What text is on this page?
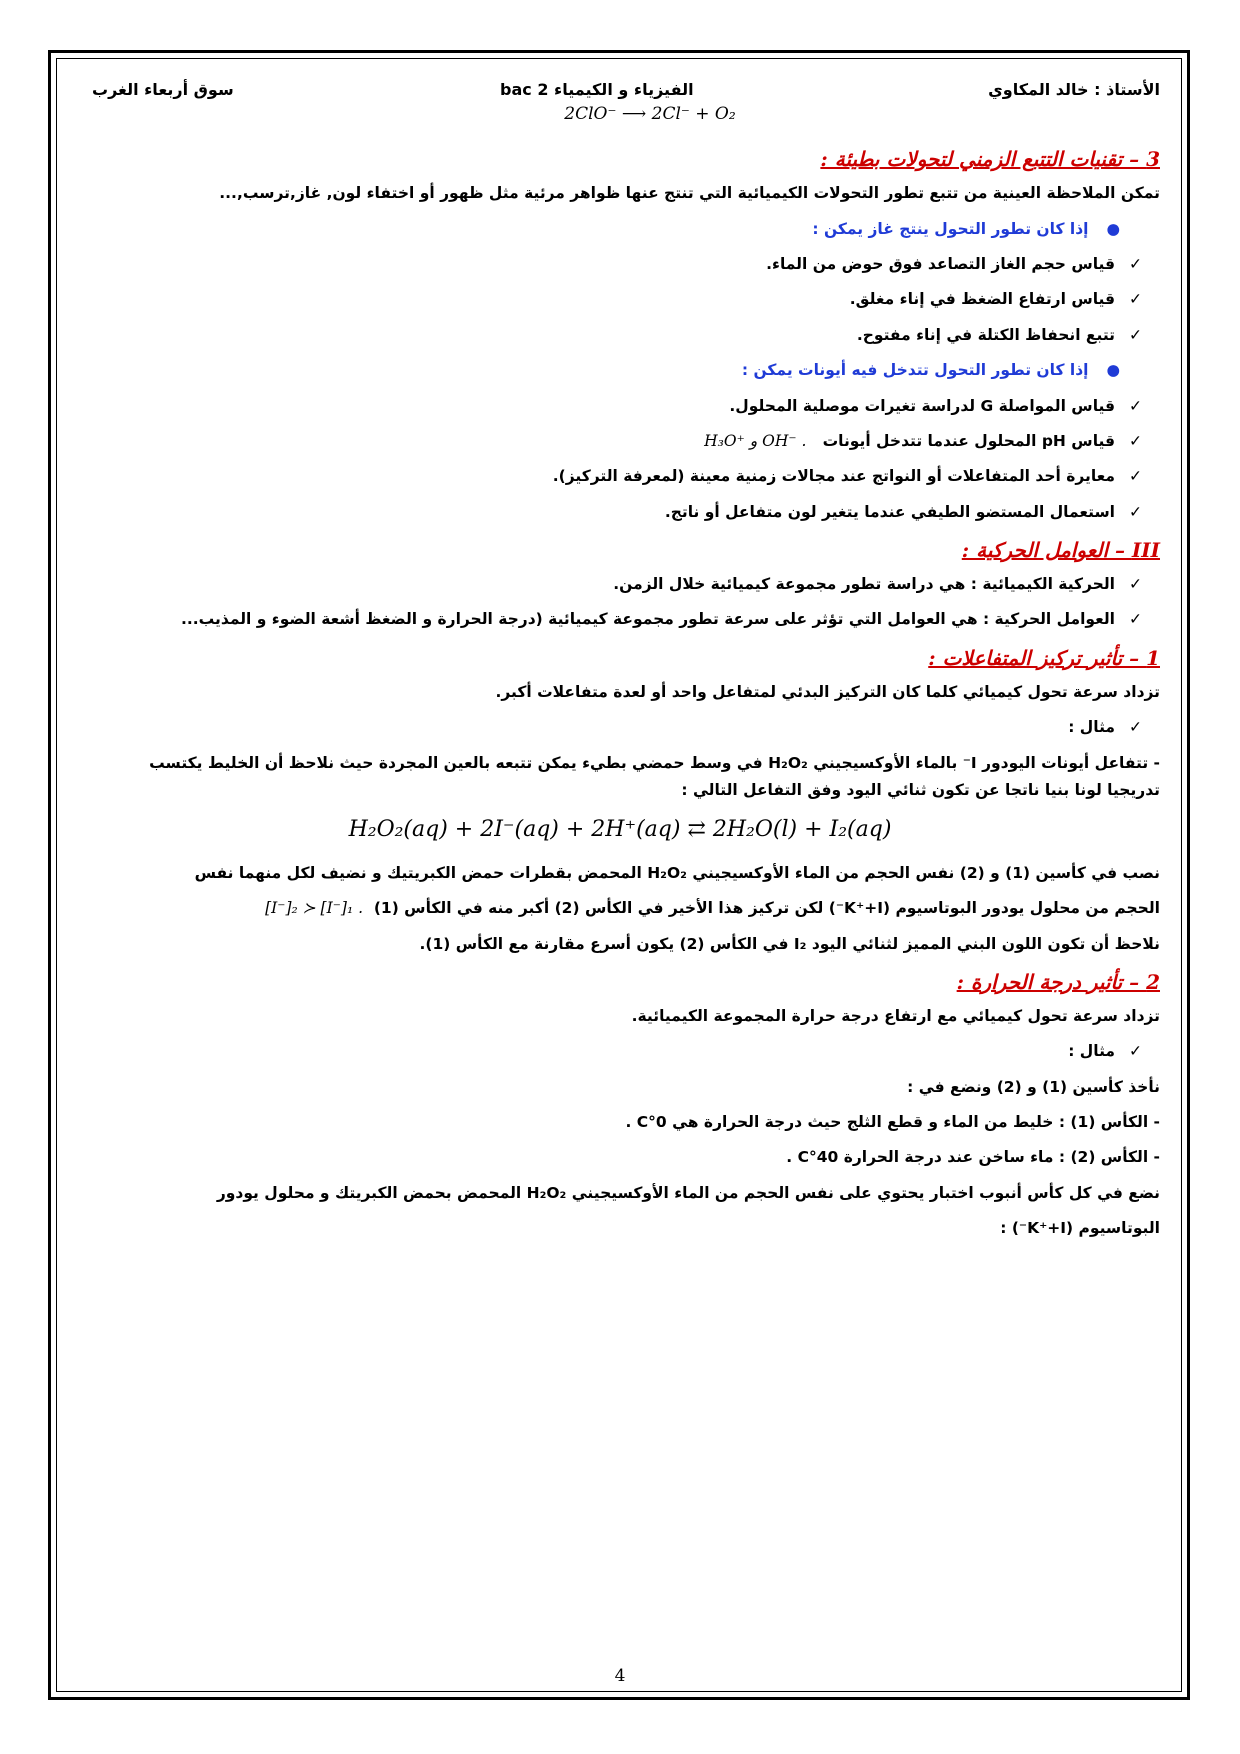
سوق أربعاء الغرب	الفيزياء و الكيمياء 2 bac	الأستاذ : خالد المكاوي
2ClO⁻ ⟶ 2Cl⁻ + O₂
3 – تقنيات التتبع الزمني لتحولات بطيئة :

تمكن الملاحظة العينية من تتبع تطور التحولات الكيميائية التي تنتج عنها ظواهر مرئية مثل ظهور أو اختفاء لون, غاز,ترسب,...

●إذا كان تطور التحول ينتج غاز يمكن :
✓قياس حجم الغاز التصاعد فوق حوض من الماء.
✓قياس ارتفاع الضغظ في إناء مغلق.
✓تتبع انحفاظ الكتلة في إناء مفتوح.
●إذا كان تطور التحول تتدخل فيه أيونات يمكن :
✓قياس المواصلة G لدراسة تغيرات موصلية المحلول.
✓قياس pH المحلول عندما تتدخل أيونات   H₃O⁺ و OH⁻ .
✓معايرة أحد المتفاعلات أو النواتج عند مجالات زمنية معينة (لمعرفة التركيز).
✓استعمال المستضو الطيفي عندما يتغير لون متفاعل أو ناتج.
III – العوامل الحركية :
✓الحركية الكيميائية : هي دراسة تطور مجموعة كيميائية خلال الزمن.
✓العوامل الحركية : هي العوامل التي تؤثر على سرعة تطور مجموعة كيميائية (درجة الحرارة و الضغظ أشعة الضوء و المذيب...
1 – تأثير تركيز المتفاعلات :

تزداد سرعة تحول كيميائي كلما كان التركيز البدئي لمتفاعل واحد أو لعدة متفاعلات أكبر.

✓مثال :

- تتفاعل أيونات اليودور I⁻ بالماء الأوكسيجيني H₂O₂ في وسط حمضي بطيء يمكن تتبعه بالعين المجردة حيث نلاحظ أن الخليط يكتسب

تدريجيا لونا بنيا ناتجا عن تكون ثنائي اليود وفق التفاعل التالي :

H₂O₂(aq) + 2I⁻(aq) + 2H⁺(aq) ⇄ 2H₂O(l) + I₂(aq)

نصب في كأسين (1) و (2) نفس الحجم من الماء الأوكسيجيني H₂O₂ المحمض بقطرات حمض الكبريتيك و نضيف لكل منهما نفس

الحجم من محلول يودور البوتاسيوم (K⁺+I⁻) لكن تركيز هذا الأخير في الكأس (2) أكبر منه في الكأس (1)  [I⁻]₂ ≻ [I⁻]₁ .

نلاحظ أن تكون اللون البني المميز لثنائي اليود I₂ في الكأس (2) يكون أسرع مقارنة مع الكأس (1).

2 – تأثير درجة الحرارة :

تزداد سرعة تحول كيميائي مع ارتفاع درجة حرارة المجموعة الكيميائية.

✓مثال :

نأخذ كأسين (1) و (2) ونضع في :

- الكأس (1) : خليط من الماء و قطع الثلج حيث درجة الحرارة هي 0°C .

- الكأس (2) : ماء ساخن عند درجة الحرارة 40°C .

نضع في كل كأس أنبوب اختبار يحتوي على نفس الحجم من الماء الأوكسيجيني H₂O₂ المحمض بحمض الكبريتك و محلول يودور

البوتاسيوم (K⁺+I⁻) :

4
